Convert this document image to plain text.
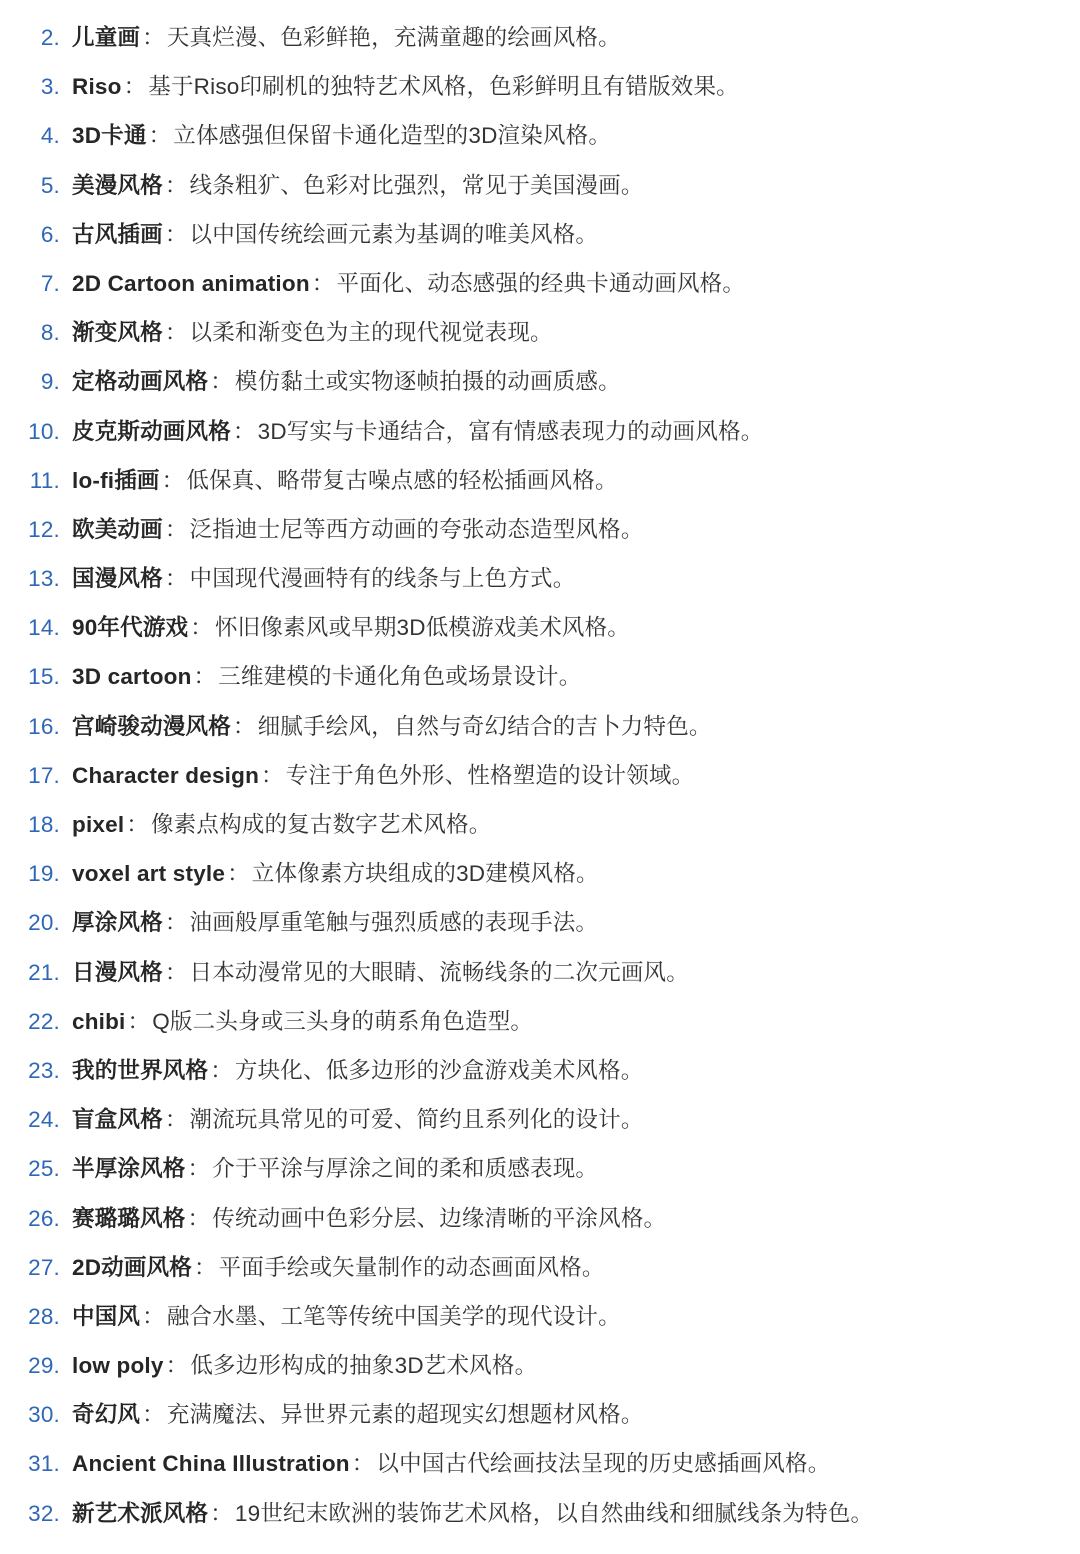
2. 儿童画：天真烂漫、色彩鲜艳，充满童趣的绘画风格。
3. Riso：基于Riso印刷机的独特艺术风格，色彩鲜明且有错版效果。
4. 3D卡通：立体感强但保留卡通化造型的3D渲染风格。
5. 美漫风格：线条粗犷、色彩对比强烈，常见于美国漫画。
6. 古风插画：以中国传统绘画元素为基调的唯美风格。
7. 2D Cartoon animation：平面化、动态感强的经典卡通动画风格。
8. 渐变风格：以柔和渐变色为主的现代视觉表现。
9. 定格动画风格：模仿黏土或实物逐帧拍摄的动画质感。
10. 皮克斯动画风格：3D写实与卡通结合，富有情感表现力的动画风格。
11. lo-fi插画：低保真、略带复古噪点感的轻松插画风格。
12. 欧美动画：泛指迪士尼等西方动画的夸张动态造型风格。
13. 国漫风格：中国现代漫画特有的线条与上色方式。
14. 90年代游戏：怀旧像素风或早期3D低模游戏美术风格。
15. 3D cartoon：三维建模的卡通化角色或场景设计。
16. 宫崎骏动漫风格：细腻手绘风，自然与奇幻结合的吉卜力特色。
17. Character design：专注于角色外形、性格塑造的设计领域。
18. pixel：像素点构成的复古数字艺术风格。
19. voxel art style：立体像素方块组成的3D建模风格。
20. 厚涂风格：油画般厚重笔触与强烈质感的表现手法。
21. 日漫风格：日本动漫常见的大眼睛、流畅线条的二次元画风。
22. chibi：Q版二头身或三头身的萌系角色造型。
23. 我的世界风格：方块化、低多边形的沙盒游戏美术风格。
24. 盲盒风格：潮流玩具常见的可爱、简约且系列化的设计。
25. 半厚涂风格：介于平涂与厚涂之间的柔和质感表现。
26. 赛璐璐风格：传统动画中色彩分层、边缘清晰的平涂风格。
27. 2D动画风格：平面手绘或矢量制作的动态画面风格。
28. 中国风：融合水墨、工笔等传统中国美学的现代设计。
29. low poly：低多边形构成的抽象3D艺术风格。
30. 奇幻风：充满魔法、异世界元素的超现实幻想题材风格。
31. Ancient China Illustration：以中国古代绘画技法呈现的历史感插画风格。
32. 新艺术派风格：19世纪末欧洲的装饰艺术风格，以自然曲线和细腻线条为特色。
